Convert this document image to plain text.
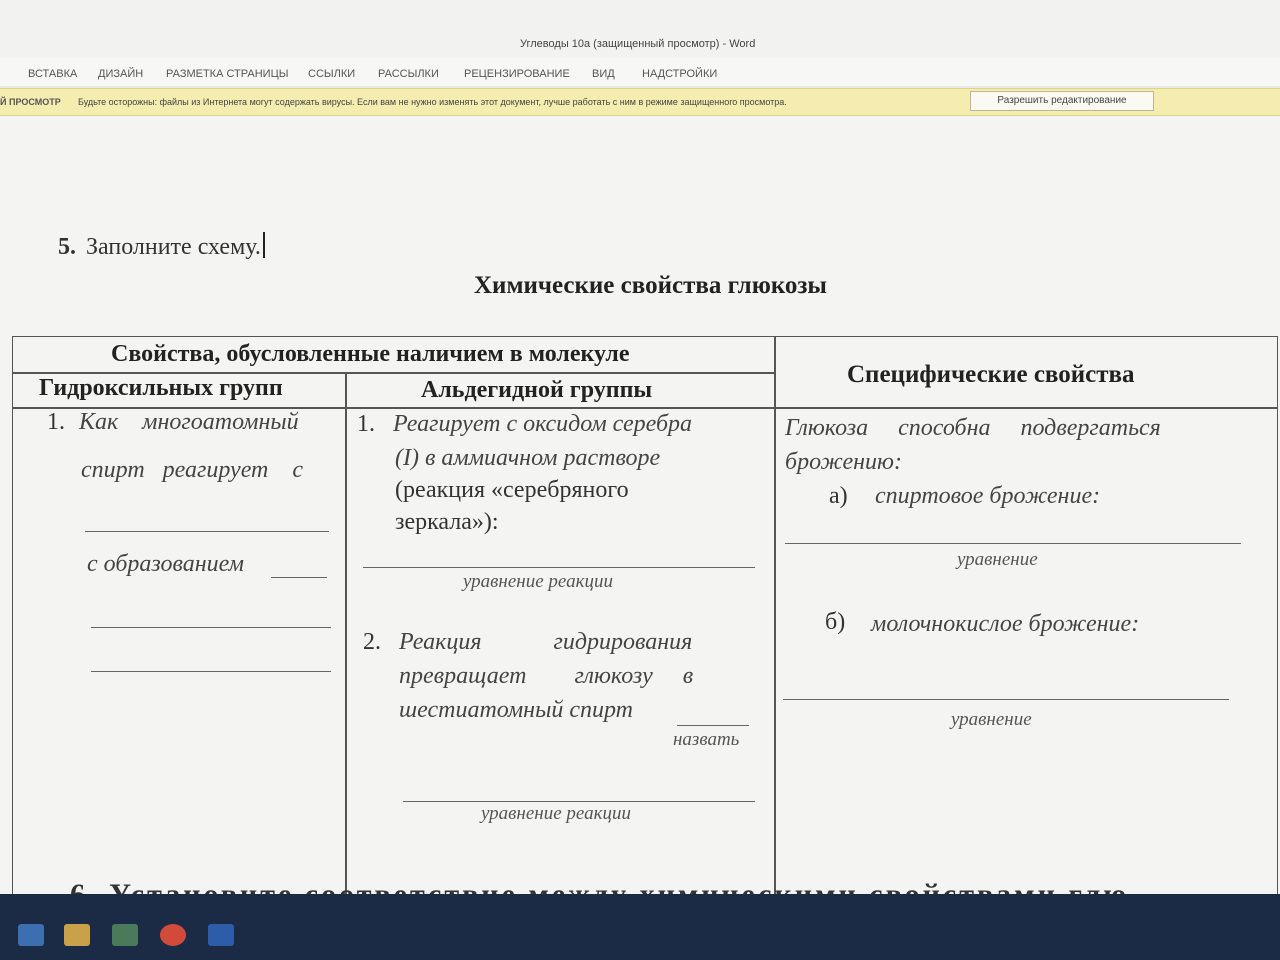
Углеводы 10а (защищенный просмотр) - Word
ВСТАВКА ДИЗАЙН РАЗМЕТКА СТРАНИЦЫ ССЫЛКИ РАССЫЛКИ РЕЦЕНЗИРОВАНИЕ ВИД НАДСТРОЙКИ
Й ПРОСМОТР Будьте осторожны: файлы из Интернета могут содержать вирусы. Если вам не нужно изменять этот документ, лучше работать с ним в режиме защищенного просмотра.	Разрешить редактирование
5. Заполните схему.
Химические свойства глюкозы
Свойства, обусловленные наличием в молекуле
Гидроксильных групп	Альдегидной группы
Специфические свойства
1. Как    многоатомный
спирт   реагирует    с
с образованием
1. Реагирует с оксидом серебра
(I) в аммиачном растворе
(реакция «серебряного
зеркала»):
уравнение реакции
2. Реакция            гидрирования
превращает        глюкозу     в
шестиатомный спирт
назвать
уравнение реакции
Глюкоза     способна     подвергаться
брожению:
а) спиртовое брожение:
уравнение
б) молочнокислое брожение:
уравнение
